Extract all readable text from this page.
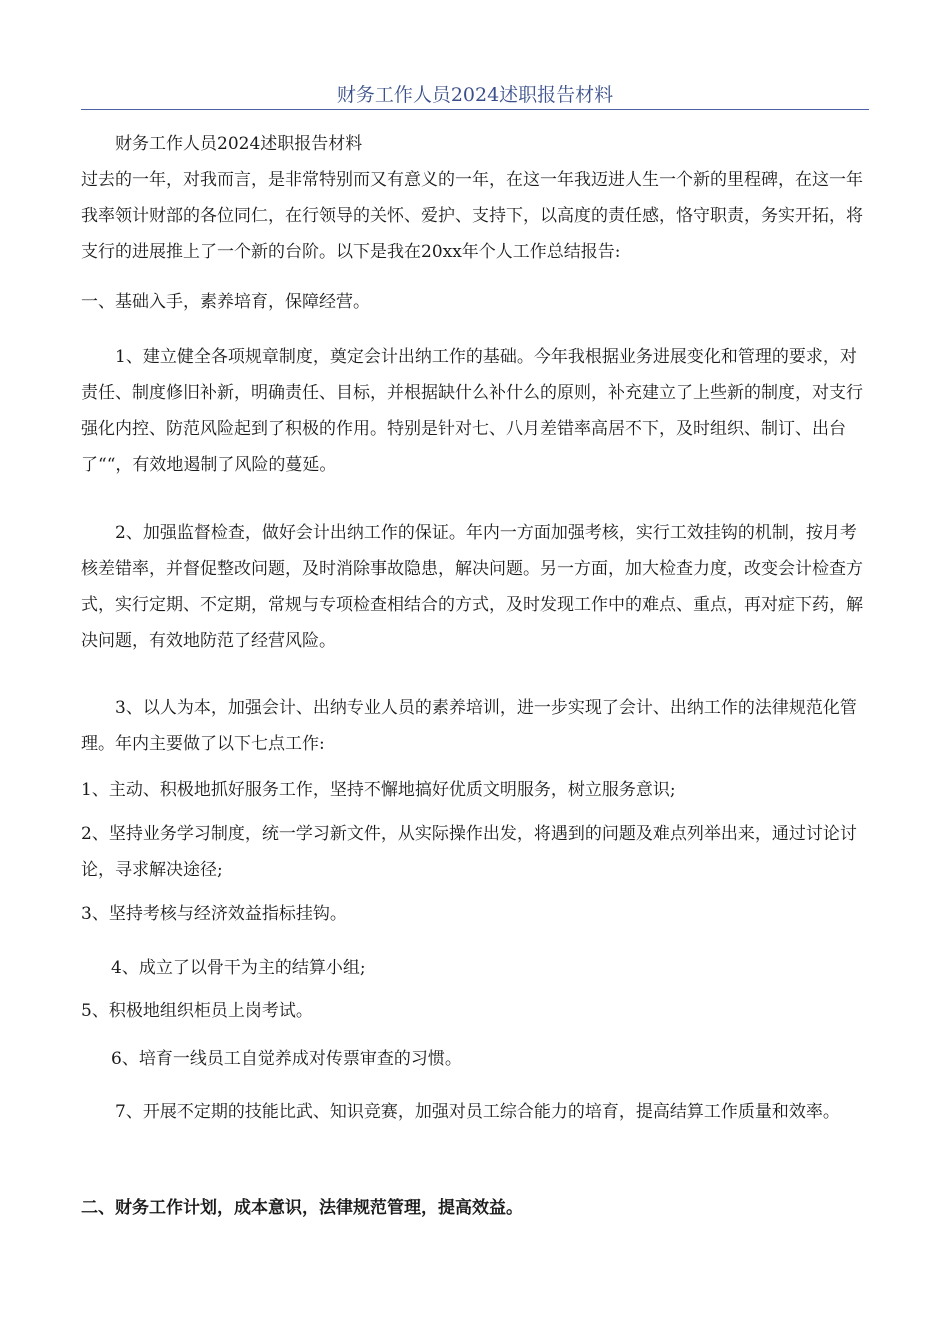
财务工作人员2024述职报告材料

财务工作人员2024述职报告材料

过去的一年，对我而言，是非常特别而又有意义的一年，在这一年我迈进人生一个新的里程碑，在这一年我率领计财部的各位同仁，在行领导的关怀、爱护、支持下，以高度的责任感，恪守职责，务实开拓，将支行的进展推上了一个新的台阶。以下是我在20xx年个人工作总结报告:

一、基础入手，素养培育，保障经营。

1、建立健全各项规章制度，奠定会计出纳工作的基础。今年我根据业务进展变化和管理的要求，对责任、制度修旧补新，明确责任、目标，并根据缺什么补什么的原则，补充建立了上些新的制度，对支行强化内控、防范风险起到了积极的作用。特别是针对七、八月差错率高居不下，及时组织、制订、出台了““，有效地遏制了风险的蔓延。

2、加强监督检查，做好会计出纳工作的保证。年内一方面加强考核，实行工效挂钩的机制，按月考核差错率，并督促整改问题，及时消除事故隐患，解决问题。另一方面，加大检查力度，改变会计检查方式，实行定期、不定期，常规与专项检查相结合的方式，及时发现工作中的难点、重点，再对症下药，解决问题，有效地防范了经营风险。

3、以人为本，加强会计、出纳专业人员的素养培训，进一步实现了会计、出纳工作的法律规范化管理。年内主要做了以下七点工作:

1、主动、积极地抓好服务工作，坚持不懈地搞好优质文明服务，树立服务意识;

2、坚持业务学习制度，统一学习新文件，从实际操作出发，将遇到的问题及难点列举出来，通过讨论讨论，寻求解决途径;

3、坚持考核与经济效益指标挂钩。

4、成立了以骨干为主的结算小组;

5、积极地组织柜员上岗考试。

6、培育一线员工自觉养成对传票审查的习惯。

7、开展不定期的技能比武、知识竞赛，加强对员工综合能力的培育，提高结算工作质量和效率。

二、财务工作计划，成本意识，法律规范管理，提高效益。
